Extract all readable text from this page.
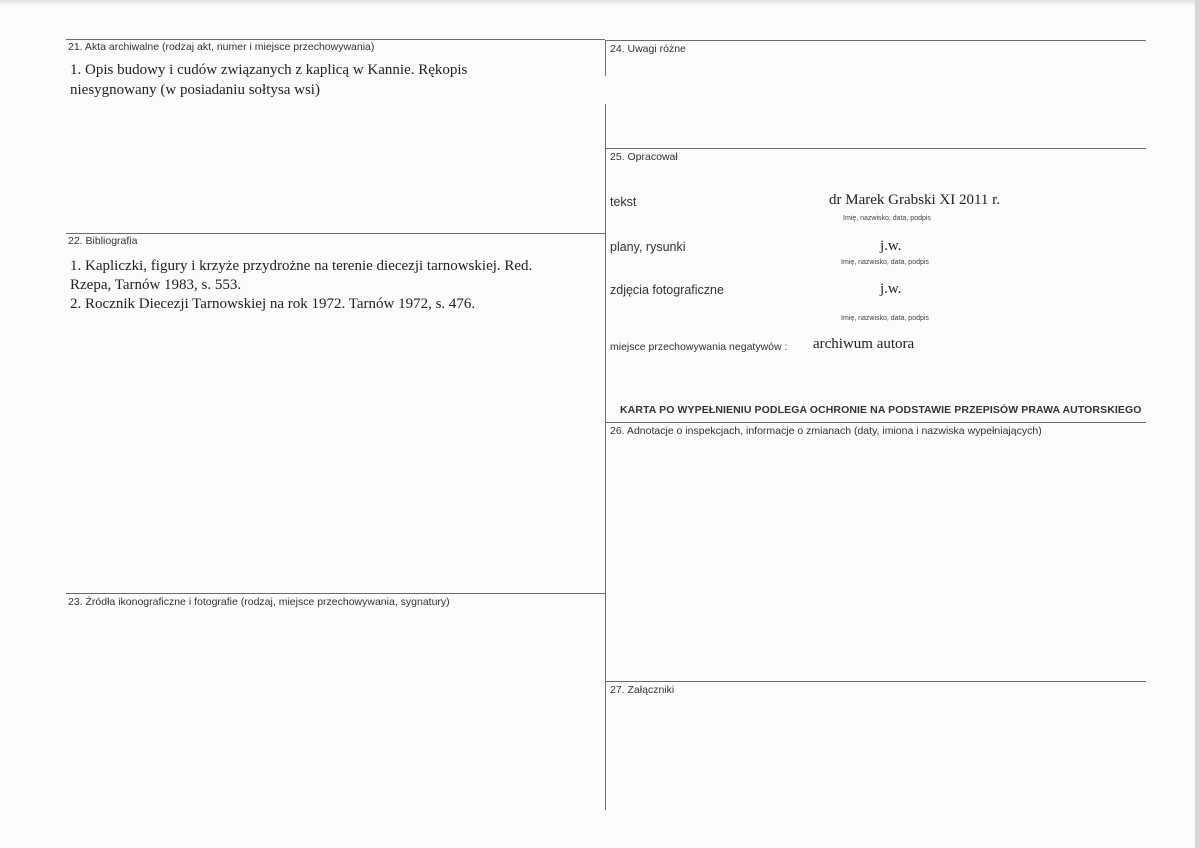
21. Akta archiwalne (rodzaj akt, numer i miejsce przechowywania)
1. Opis budowy i cudów związanych z kaplicą w Kannie. Rękopis
niesygnowany (w posiadaniu sołtysa wsi)
22. Bibliografia
1. Kapliczki, figury i krzyże przydrożne na terenie diecezji tarnowskiej. Red.
Rzepa, Tarnów 1983, s. 553.
2. Rocznik Diecezji Tarnowskiej na rok 1972. Tarnów 1972, s. 476.
23. Źródła ikonograficzne i fotografie (rodzaj, miejsce przechowywania, sygnatury)
24. Uwagi różne
25. Opracował
tekst	dr Marek Grabski XI 2011 r.
Imię, nazwisko, data, podpis
plany, rysunki	j.w.
Imię, nazwisko, data, podpis
zdjęcia fotograficzne	j.w.
Imię, nazwisko, data, podpis
miejsce przechowywania negatywów : archiwum autora
KARTA PO WYPEŁNIENIU PODLEGA OCHRONIE NA PODSTAWIE PRZEPISÓW PRAWA AUTORSKIEGO
26. Adnotacje o inspekcjach, informacje o zmianach (daty, imiona i nazwiska wypełniających)
27. Załączniki
